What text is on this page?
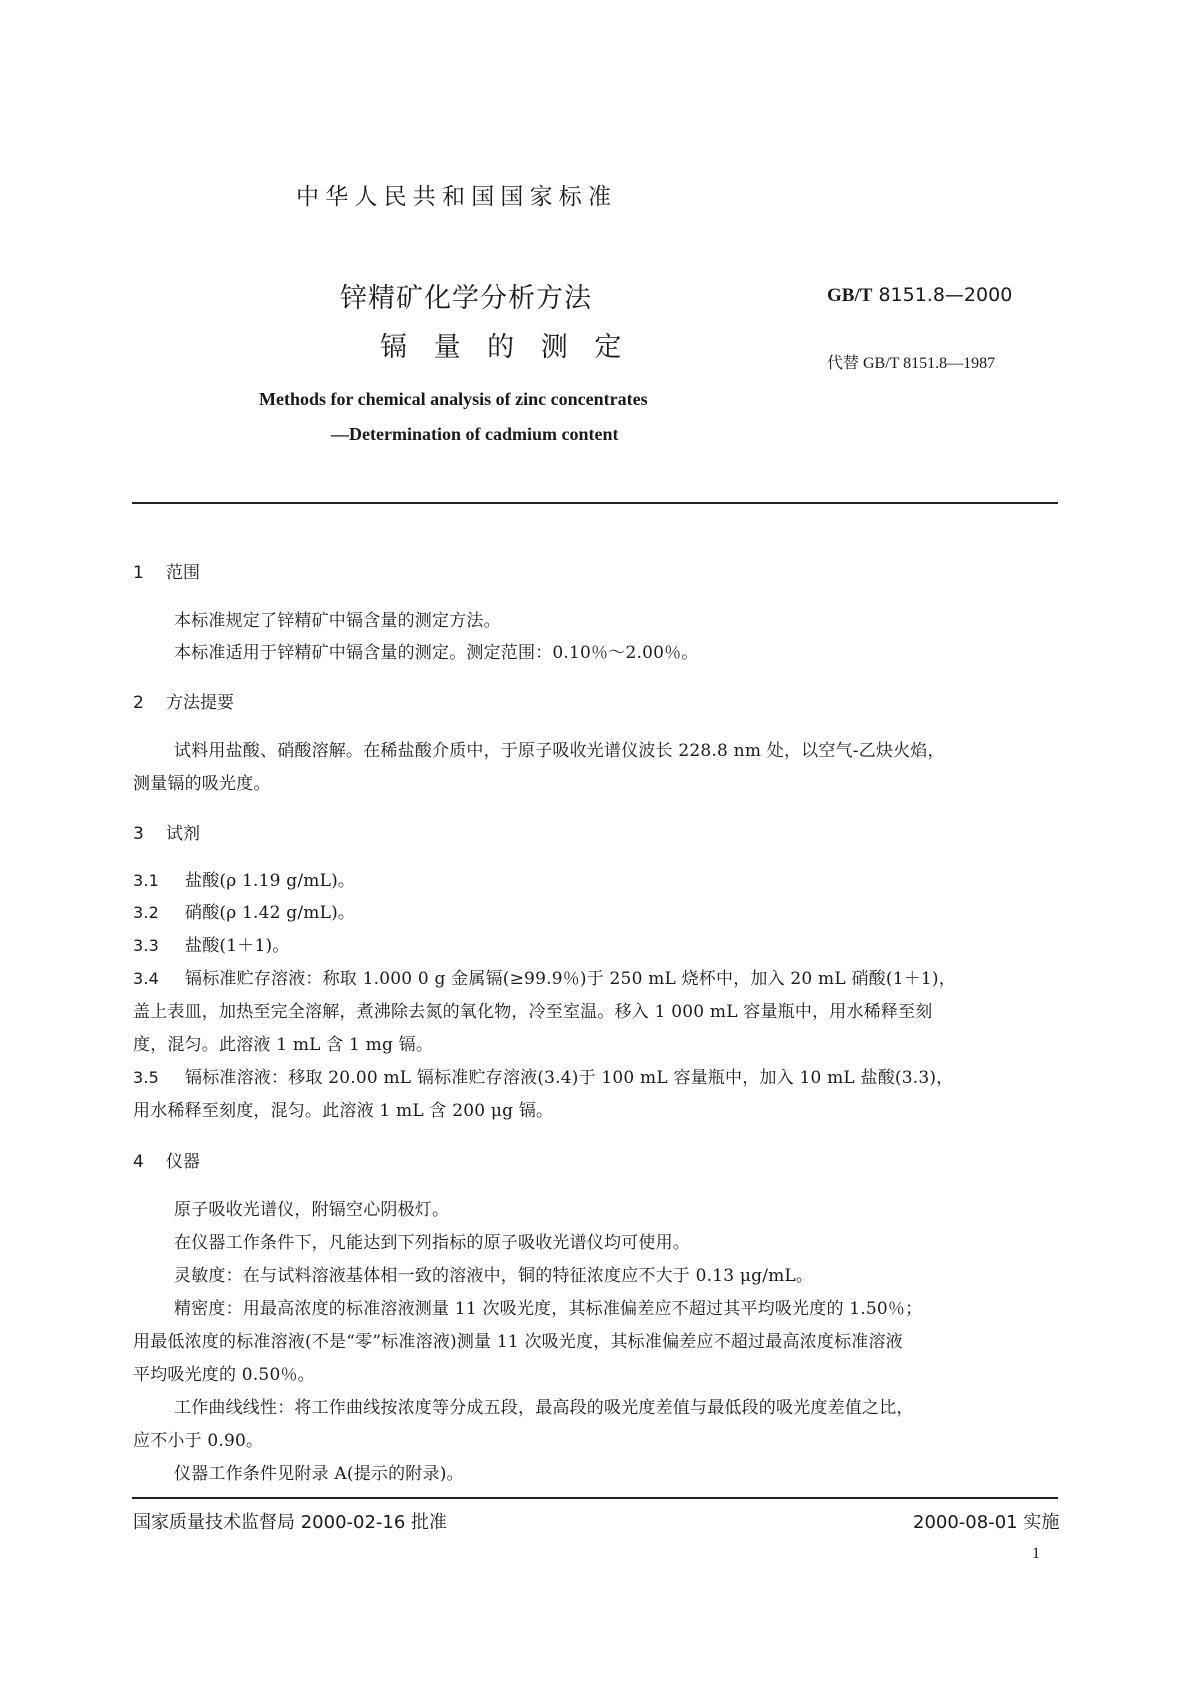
中华人民共和国国家标准
锌精矿化学分析方法
镉 量 的 测 定
GB/T 8151.8—2000
代替 GB/T 8151.8—1987
Methods for chemical analysis of zinc concentrates
—Determination of cadmium content
1 范围
本标准规定了锌精矿中镉含量的测定方法。
本标准适用于锌精矿中镉含量的测定。测定范围：0.10％～2.00％。
2 方法提要
试料用盐酸、硝酸溶解。在稀盐酸介质中，于原子吸收光谱仪波长 228.8 nm 处，以空气-乙炔火焰，
测量镉的吸光度。
3 试剂
3.1 盐酸(ρ 1.19 g/mL)。
3.2 硝酸(ρ 1.42 g/mL)。
3.3 盐酸(1＋1)。
3.4 镉标准贮存溶液：称取 1.000 0 g 金属镉(≥99.9％)于 250 mL 烧杯中，加入 20 mL 硝酸(1＋1)，
盖上表皿，加热至完全溶解，煮沸除去氮的氧化物，冷至室温。移入 1 000 mL 容量瓶中，用水稀释至刻
度，混匀。此溶液 1 mL 含 1 mg 镉。
3.5 镉标准溶液：移取 20.00 mL 镉标准贮存溶液(3.4)于 100 mL 容量瓶中，加入 10 mL 盐酸(3.3)，
用水稀释至刻度，混匀。此溶液 1 mL 含 200 μg 镉。
4 仪器
原子吸收光谱仪，附镉空心阴极灯。
在仪器工作条件下，凡能达到下列指标的原子吸收光谱仪均可使用。
灵敏度：在与试料溶液基体相一致的溶液中，铜的特征浓度应不大于 0.13 μg/mL。
精密度：用最高浓度的标准溶液测量 11 次吸光度，其标准偏差应不超过其平均吸光度的 1.50％；
用最低浓度的标准溶液(不是“零”标准溶液)测量 11 次吸光度，其标准偏差应不超过最高浓度标准溶液
平均吸光度的 0.50％。
工作曲线线性：将工作曲线按浓度等分成五段，最高段的吸光度差值与最低段的吸光度差值之比，
应不小于 0.90。
仪器工作条件见附录 A(提示的附录)。
国家质量技术监督局 2000-02-16 批准	2000-08-01 实施
1
